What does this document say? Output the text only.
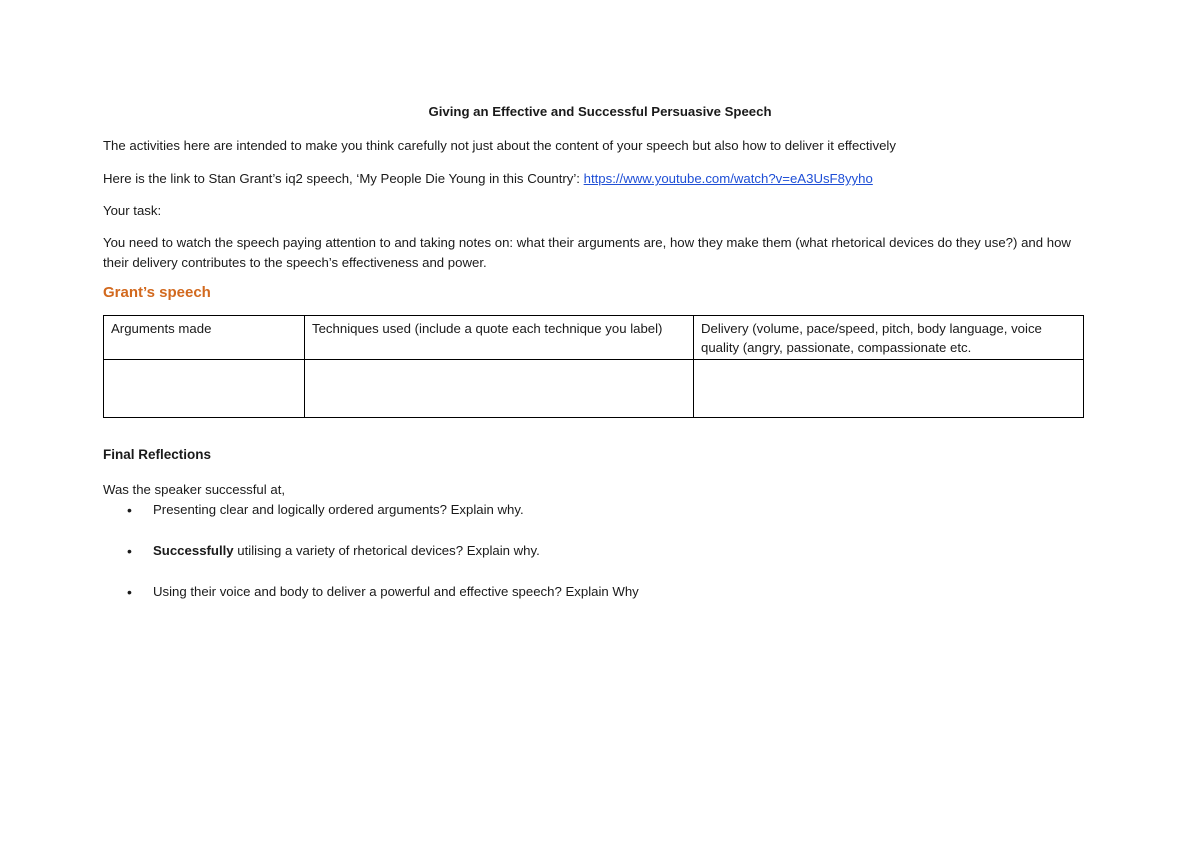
Giving an Effective and Successful Persuasive Speech
The activities here are intended to make you think carefully not just about the content of your speech but also how to deliver it effectively
Here is the link to Stan Grant’s iq2 speech, ‘My People Die Young in this Country’: https://www.youtube.com/watch?v=eA3UsF8yyho
Your task:
You need to watch the speech paying attention to and taking notes on: what their arguments are, how they make them (what rhetorical devices do they use?) and how their delivery contributes to the speech’s effectiveness and power.
Grant’s speech
Arguments made	Techniques used (include a quote each technique you label)	Delivery (volume, pace/speed, pitch, body language, voice quality (angry, passionate, compassionate etc.

Final Reflections
Was the speaker successful at,
• Presenting clear and logically ordered arguments? Explain why.
• Successfully utilising a variety of rhetorical devices? Explain why.
• Using their voice and body to deliver a powerful and effective speech? Explain Why
